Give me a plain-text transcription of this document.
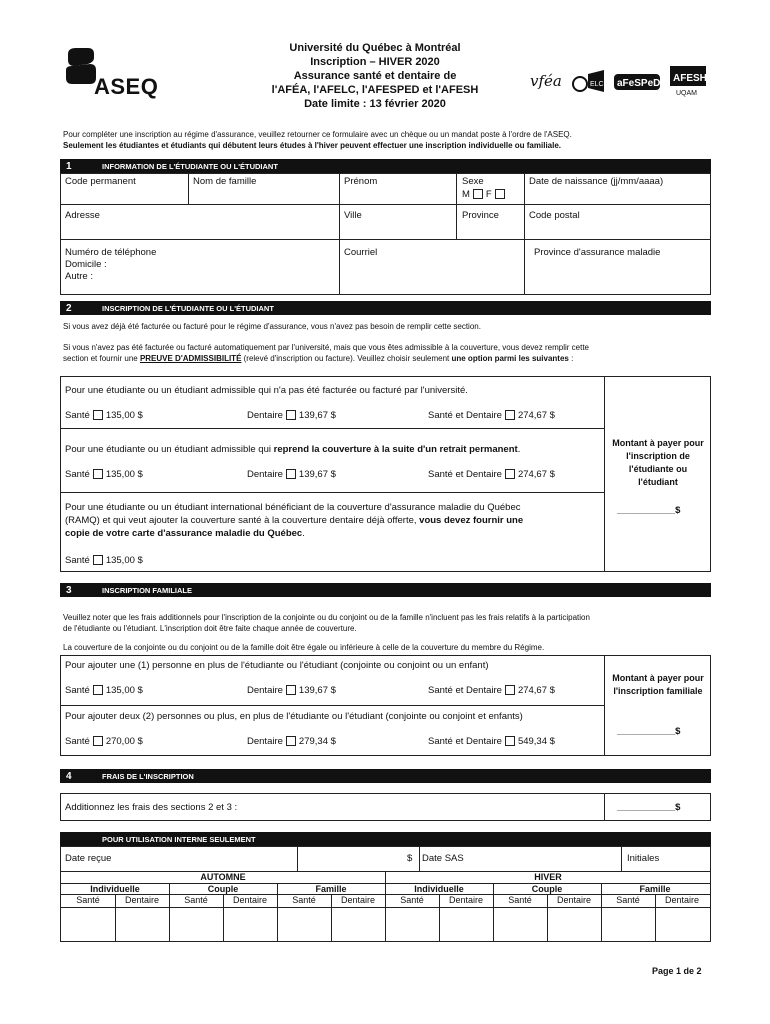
ASEQ
Université du Québec à Montréal
Inscription – HIVER 2020
Assurance santé et dentaire de
l'AFÉA, l'AFELC, l'AFESPED et l'AFESH
Date limite : 13 février 2020
vféa	ELC aFeSPeD AFESH
UQAM
Pour compléter une inscription au régime d'assurance, veuillez retourner ce formulaire avec un chèque ou un mandat poste à l'ordre de l'ASEQ.
Seulement les étudiantes et étudiants qui débutent leurs études à l'hiver peuvent effectuer une inscription individuelle ou familiale.
1	INFORMATION DE L'ÉTUDIANTE OU L'ÉTUDIANT
Code permanent	Nom de famille	Prénom	Sexe
M F
Date de naissance (jj/mm/aaaa)
Adresse	Ville	Province	Code postal
Numéro de téléphone
Domicile :
Autre :
Courriel	Province d'assurance maladie
2	INSCRIPTION DE L'ÉTUDIANTE OU L'ÉTUDIANT
Si vous avez déjà été facturée ou facturé pour le régime d'assurance, vous n'avez pas besoin de remplir cette section.
Si vous n'avez pas été facturée ou facturé automatiquement par l'université, mais que vous êtes admissible à la couverture, vous devez remplir cette
section et fournir une PREUVE D'ADMISSIBILITÉ (relevé d'inscription ou facture). Veuillez choisir seulement une option parmi les suivantes :
Pour une étudiante ou un étudiant admissible qui n'a pas été facturée ou facturé par l'université.
Santé 135,00 $	Dentaire 139,67 $	Santé et Dentaire 274,67 $
Pour une étudiante ou un étudiant admissible qui reprend la couverture à la suite d'un retrait permanent.
Santé 135,00 $	Dentaire 139,67 $	Santé et Dentaire 274,67 $
Pour une étudiante ou un étudiant international bénéficiant de la couverture d'assurance maladie du Québec
(RAMQ) et qui veut ajouter la couverture santé à la couverture dentaire déjà offerte, vous devez fournir une
copie de votre carte d'assurance maladie du Québec.
Santé 135,00 $
Montant à payer pour l'inscription de l'étudiante ou l'étudiant
___________$
3	INSCRIPTION FAMILIALE
Veuillez noter que les frais additionnels pour l'inscription de la conjointe ou du conjoint ou de la famille n'incluent pas les frais relatifs à la participation
de l'étudiante ou l'étudiant. L'inscription doit être faite chaque année de couverture.
La couverture de la conjointe ou du conjoint ou de la famille doit être égale ou inférieure à celle de la couverture du membre du Régime.
Pour ajouter une (1) personne en plus de l'étudiante ou l'étudiant (conjointe ou conjoint ou un enfant)
Santé 135,00 $	Dentaire 139,67 $	Santé et Dentaire 274,67 $
Pour ajouter deux (2) personnes ou plus, en plus de l'étudiante ou l'étudiant (conjointe ou conjoint et enfants)
Santé 270,00 $	Dentaire 279,34 $	Santé et Dentaire 549,34 $
Montant à payer pour l'inscription familiale
___________$
4	FRAIS DE L'INSCRIPTION
Additionnez les frais des sections 2 et 3 :	___________$
POUR UTILISATION INTERNE SEULEMENT
Date reçue	$ Date SAS	Initiales
AUTOMNE	HIVER
Individuelle	Couple	Famille	Individuelle	Couple	Famille
Santé	Dentaire	Santé	Dentaire	Santé	Dentaire	Santé	Dentaire	Santé	Dentaire	Santé	Dentaire
Page 1 de 2
